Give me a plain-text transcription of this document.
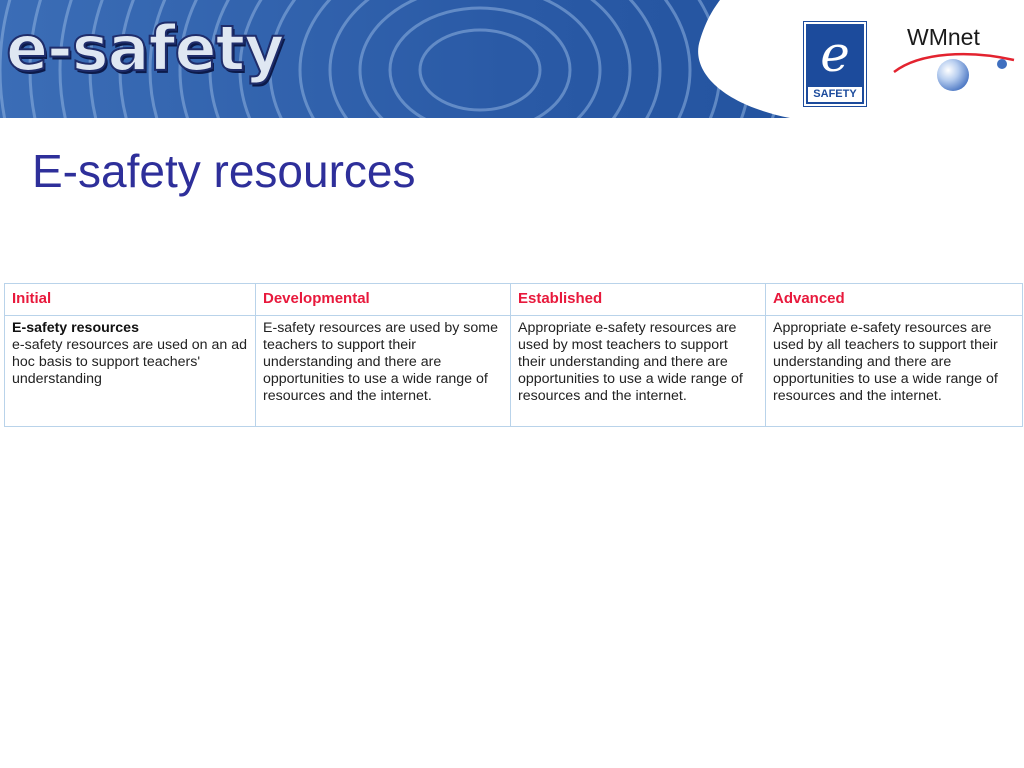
e-safety	e
SAFETY
WMnet
E-safety resources
Initial	Developmental	Established	Advanced

E-safety resources
e-safety resources are used on an ad hoc basis to support teachers' understanding	E-safety resources are used by some teachers to support their understanding and there are opportunities to use a wide range of resources and the internet.	Appropriate e-safety resources are used by most teachers to support their understanding and there are opportunities to use a wide range of resources and the internet.	Appropriate e-safety resources are used by all teachers to support their understanding and there are opportunities to use a wide range of resources and the internet.
